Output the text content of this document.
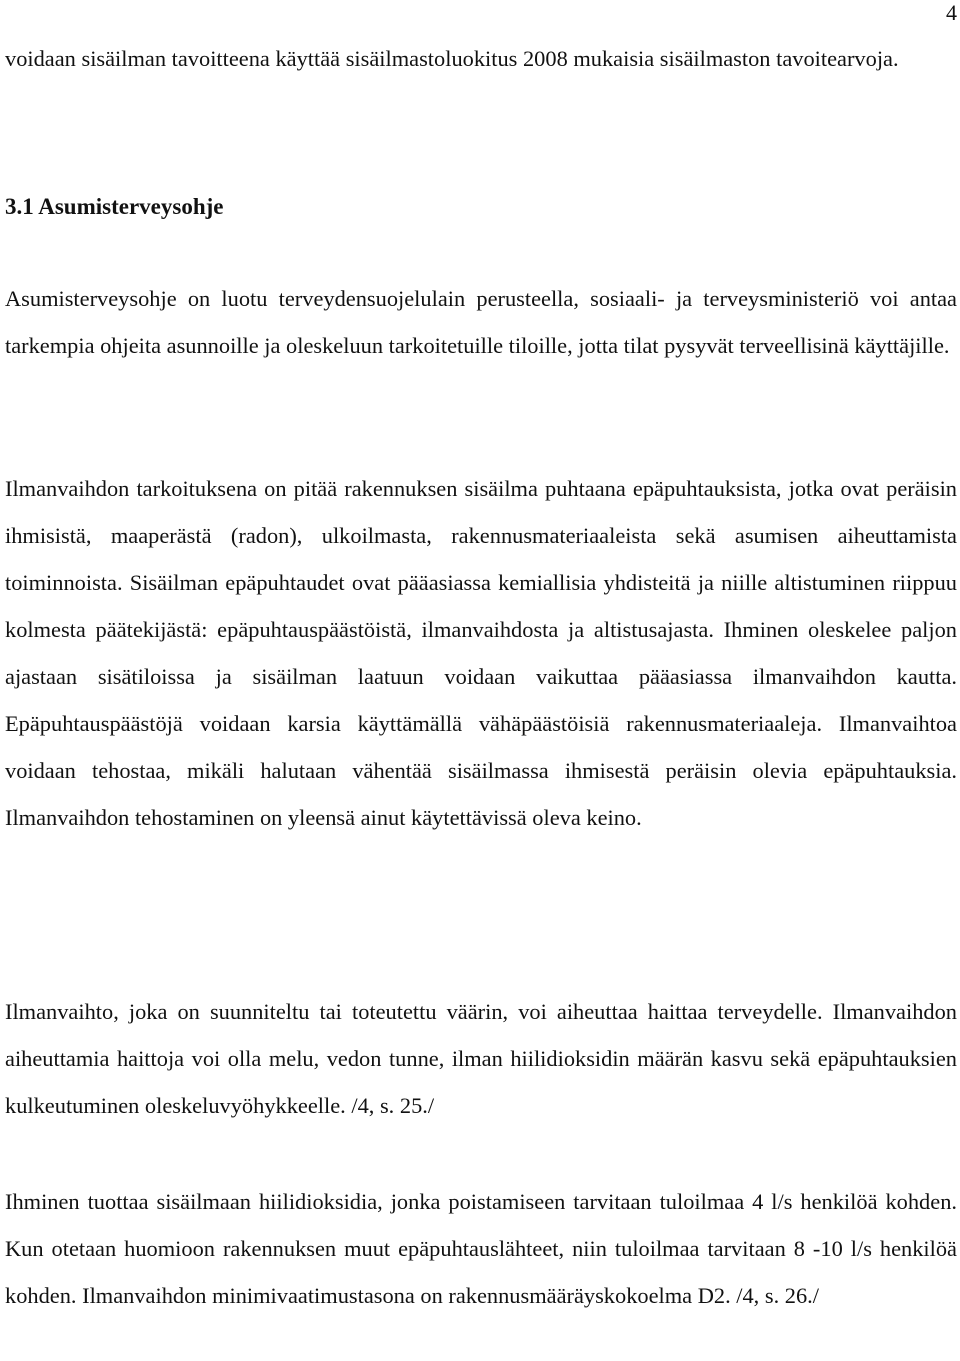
4

voidaan sisäilman tavoitteena käyttää sisäilmastoluokitus 2008 mukaisia sisäilmaston tavoitearvoja.

3.1 Asumisterveysohje

Asumisterveysohje on luotu terveydensuojelulain perusteella, sosiaali- ja terveysministeriö voi antaa tarkempia ohjeita asunnoille ja oleskeluun tarkoitetuille tiloille, jotta tilat pysyvät terveellisinä käyttäjille.

Ilmanvaihdon tarkoituksena on pitää rakennuksen sisäilma puhtaana epäpuhtauksista, jotka ovat peräisin ihmisistä, maaperästä (radon), ulkoilmasta, rakennusmateriaaleista sekä asumisen aiheuttamista toiminnoista. Sisäilman epäpuhtaudet ovat pääasiassa kemiallisia yhdisteitä ja niille altistuminen riippuu kolmesta päätekijästä: epäpuhtauspäästöistä, ilmanvaihdosta ja altistusajasta. Ihminen oleskelee paljon ajastaan sisätiloissa ja sisäilman laatuun voidaan vaikuttaa pääasiassa ilmanvaihdon kautta. Epäpuhtauspäästöjä voidaan karsia käyttämällä vähäpäästöisiä rakennusmateriaaleja. Ilmanvaihtoa voidaan tehostaa, mikäli halutaan vähentää sisäilmassa ihmisestä peräisin olevia epäpuhtauksia. Ilmanvaihdon tehostaminen on yleensä ainut käytettävissä oleva keino.

Ilmanvaihto, joka on suunniteltu tai toteutettu väärin, voi aiheuttaa haittaa terveydelle. Ilmanvaihdon aiheuttamia haittoja voi olla melu, vedon tunne, ilman hiilidioksidin määrän kasvu sekä epäpuhtauksien kulkeutuminen oleskeluvyöhykkeelle. /4, s. 25./

Ihminen tuottaa sisäilmaan hiilidioksidia, jonka poistamiseen tarvitaan tuloilmaa 4 l/s henkilöä kohden. Kun otetaan huomioon rakennuksen muut epäpuhtauslähteet, niin tuloilmaa tarvitaan 8 -10 l/s henkilöä kohden. Ilmanvaihdon minimivaatimustasona on rakennusmääräyskokoelma D2. /4, s. 26./
